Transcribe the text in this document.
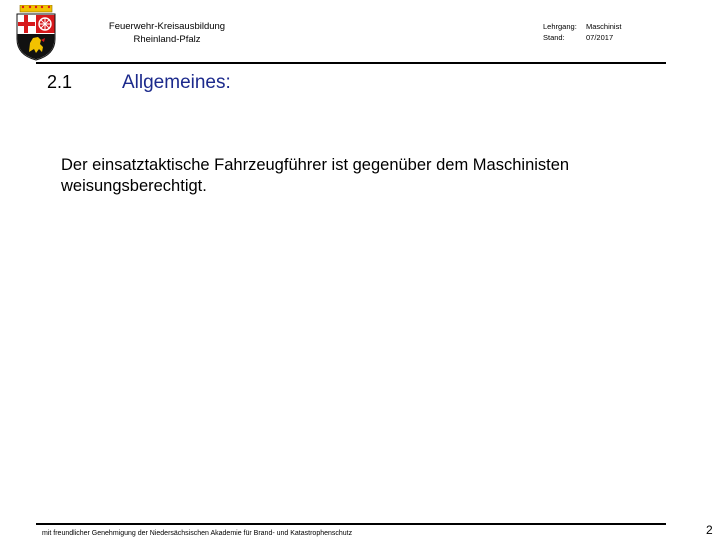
Feuerwehr-Kreisausbildung
Rheinland-Pfalz
Lehrgang:	Maschinist
Stand:	07/2017
2.1	Allgemeines:
Der einsatztaktische Fahrzeugführer ist gegenüber dem Maschinisten weisungsberechtigt.
mit freundlicher Genehmigung der Niedersächsischen Akademie für Brand- und Katastrophenschutz	2
